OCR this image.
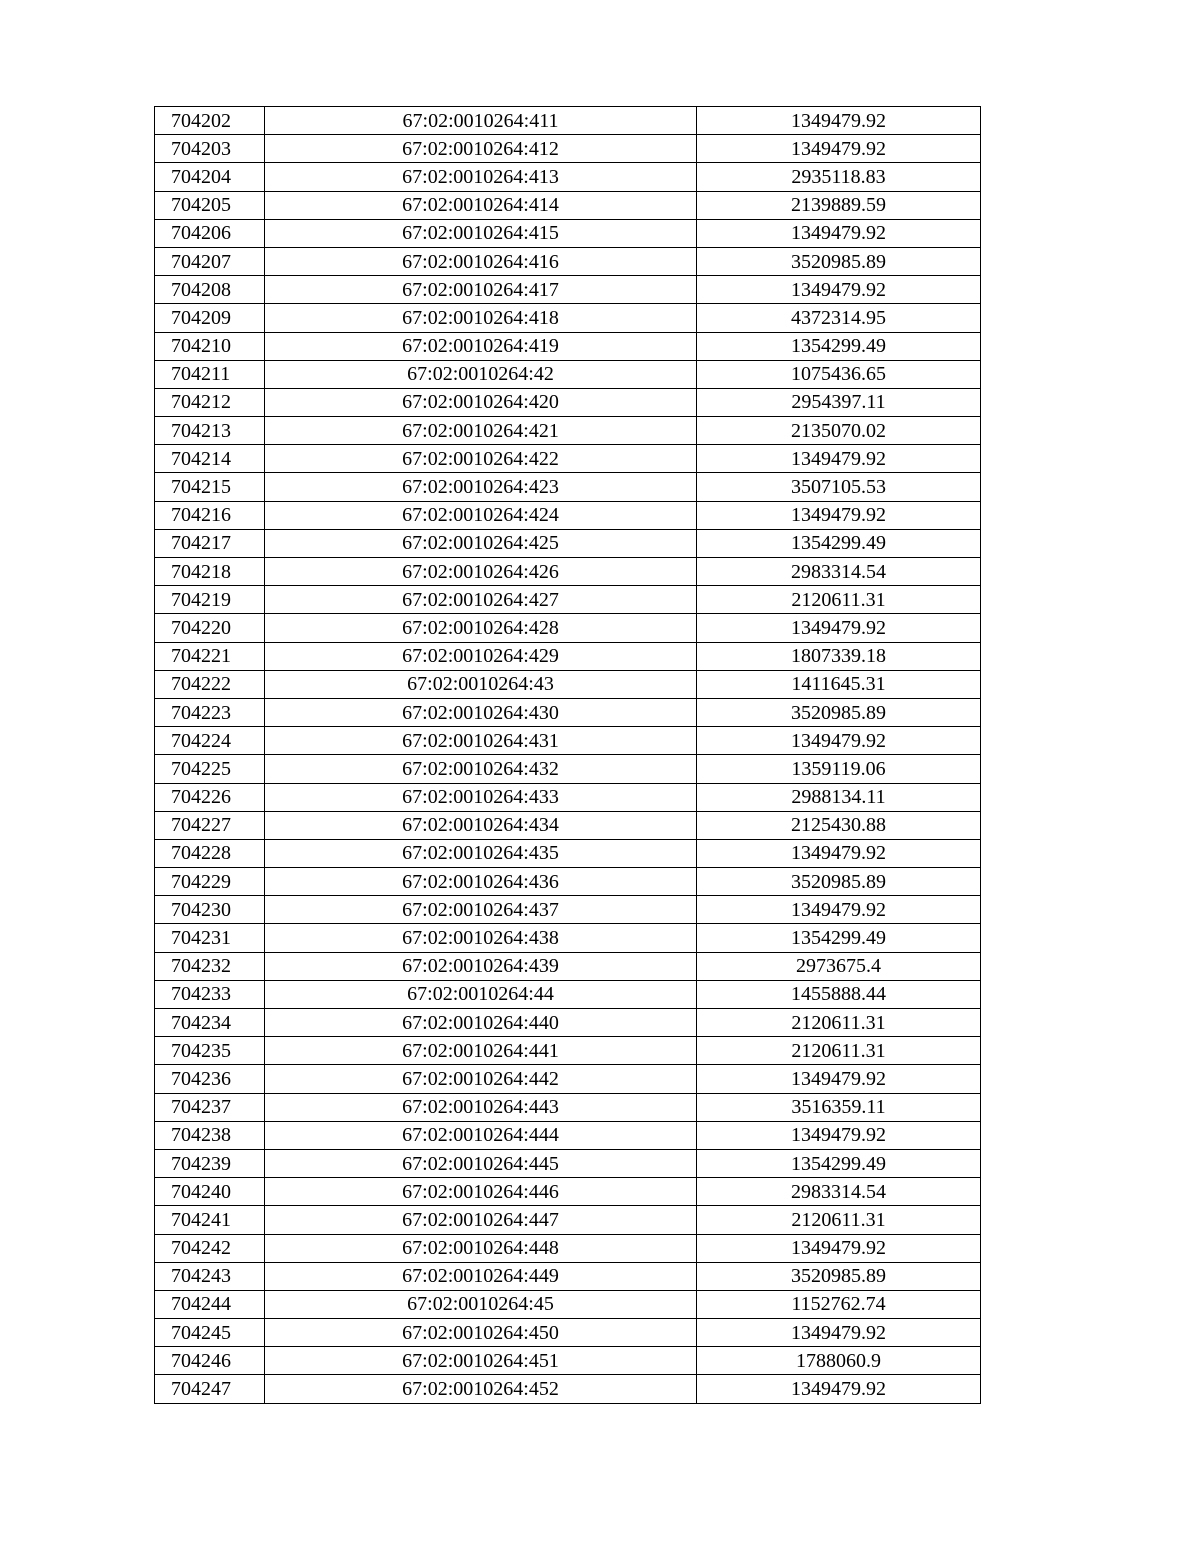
704202	67:02:0010264:411	1349479.92
704203	67:02:0010264:412	1349479.92
704204	67:02:0010264:413	2935118.83
704205	67:02:0010264:414	2139889.59
704206	67:02:0010264:415	1349479.92
704207	67:02:0010264:416	3520985.89
704208	67:02:0010264:417	1349479.92
704209	67:02:0010264:418	4372314.95
704210	67:02:0010264:419	1354299.49
704211	67:02:0010264:42	1075436.65
704212	67:02:0010264:420	2954397.11
704213	67:02:0010264:421	2135070.02
704214	67:02:0010264:422	1349479.92
704215	67:02:0010264:423	3507105.53
704216	67:02:0010264:424	1349479.92
704217	67:02:0010264:425	1354299.49
704218	67:02:0010264:426	2983314.54
704219	67:02:0010264:427	2120611.31
704220	67:02:0010264:428	1349479.92
704221	67:02:0010264:429	1807339.18
704222	67:02:0010264:43	1411645.31
704223	67:02:0010264:430	3520985.89
704224	67:02:0010264:431	1349479.92
704225	67:02:0010264:432	1359119.06
704226	67:02:0010264:433	2988134.11
704227	67:02:0010264:434	2125430.88
704228	67:02:0010264:435	1349479.92
704229	67:02:0010264:436	3520985.89
704230	67:02:0010264:437	1349479.92
704231	67:02:0010264:438	1354299.49
704232	67:02:0010264:439	2973675.4
704233	67:02:0010264:44	1455888.44
704234	67:02:0010264:440	2120611.31
704235	67:02:0010264:441	2120611.31
704236	67:02:0010264:442	1349479.92
704237	67:02:0010264:443	3516359.11
704238	67:02:0010264:444	1349479.92
704239	67:02:0010264:445	1354299.49
704240	67:02:0010264:446	2983314.54
704241	67:02:0010264:447	2120611.31
704242	67:02:0010264:448	1349479.92
704243	67:02:0010264:449	3520985.89
704244	67:02:0010264:45	1152762.74
704245	67:02:0010264:450	1349479.92
704246	67:02:0010264:451	1788060.9
704247	67:02:0010264:452	1349479.92
